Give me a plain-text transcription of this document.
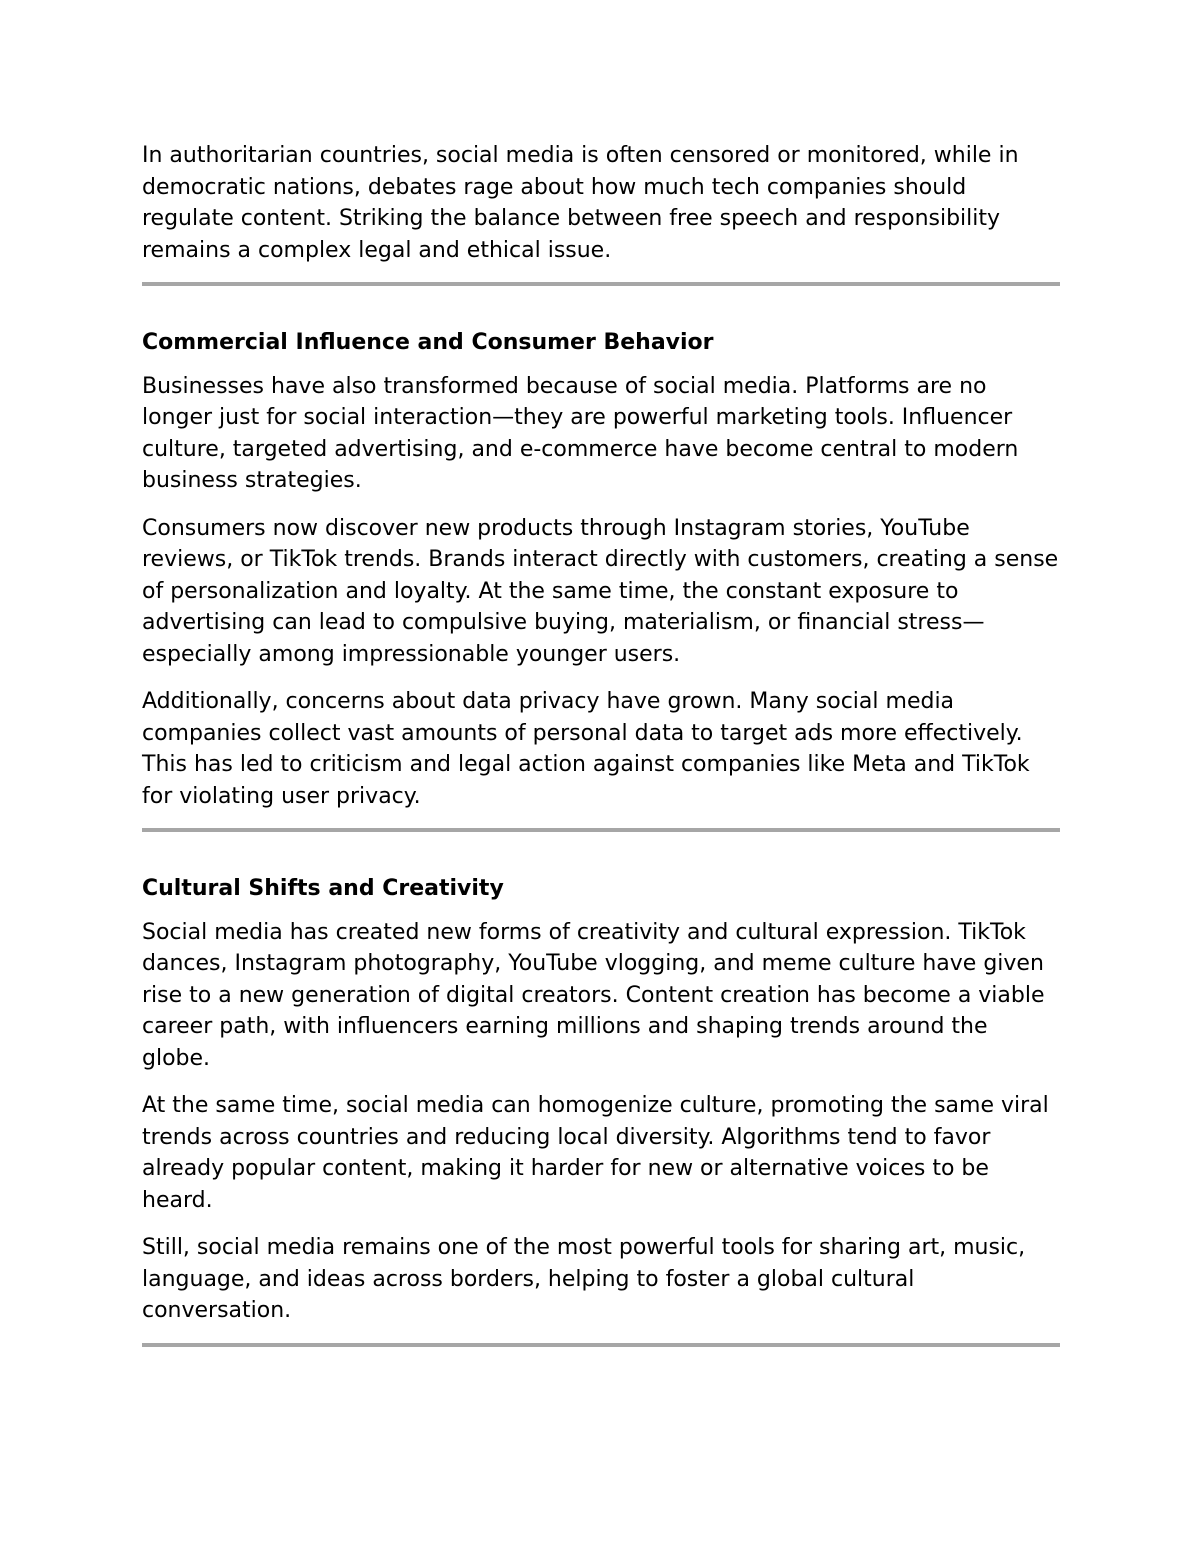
In authoritarian countries, social media is often censored or monitored, while in democratic nations, debates rage about how much tech companies should regulate content. Striking the balance between free speech and responsibility remains a complex legal and ethical issue.

Commercial Influence and Consumer Behavior

Businesses have also transformed because of social media. Platforms are no longer just for social interaction—they are powerful marketing tools. Influencer culture, targeted advertising, and e-commerce have become central to modern business strategies.

Consumers now discover new products through Instagram stories, YouTube reviews, or TikTok trends. Brands interact directly with customers, creating a sense of personalization and loyalty. At the same time, the constant exposure to advertising can lead to compulsive buying, materialism, or financial stress—especially among impressionable younger users.

Additionally, concerns about data privacy have grown. Many social media companies collect vast amounts of personal data to target ads more effectively. This has led to criticism and legal action against companies like Meta and TikTok for violating user privacy.

Cultural Shifts and Creativity

Social media has created new forms of creativity and cultural expression. TikTok dances, Instagram photography, YouTube vlogging, and meme culture have given rise to a new generation of digital creators. Content creation has become a viable career path, with influencers earning millions and shaping trends around the globe.

At the same time, social media can homogenize culture, promoting the same viral trends across countries and reducing local diversity. Algorithms tend to favor already popular content, making it harder for new or alternative voices to be heard.

Still, social media remains one of the most powerful tools for sharing art, music, language, and ideas across borders, helping to foster a global cultural conversation.
